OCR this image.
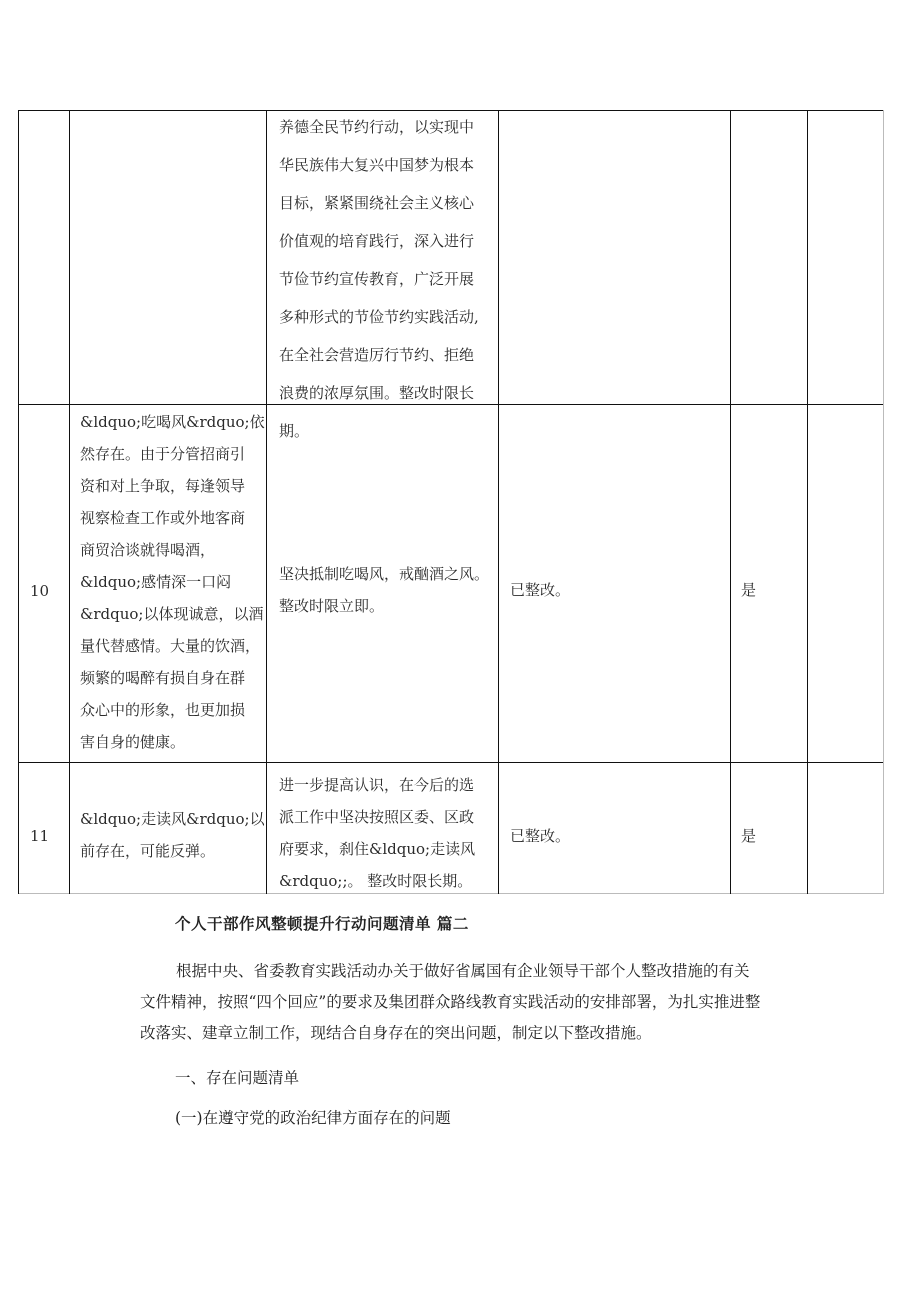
养德全民节约行动，以实现中
华民族伟大复兴中国梦为根本
目标，紧紧围绕社会主义核心
价值观的培育践行，深入进行
节俭节约宣传教育，广泛开展
多种形式的节俭节约实践活动,
在全社会营造厉行节约、拒绝
浪费的浓厚氛围。整改时限长
期。
10
&ldquo;吃喝风&rdquo;依
然存在。由于分管招商引
资和对上争取，每逢领导
视察检查工作或外地客商
商贸洽谈就得喝酒，
&ldquo;感情深一口闷
&rdquo;以体现诚意，以酒
量代替感情。大量的饮酒，
频繁的喝醉有损自身在群
众心中的形象，也更加损
害自身的健康。
坚决抵制吃喝风，戒酗酒之风。
整改时限立即。
已整改。	是
11
&ldquo;走读风&rdquo;以
前存在，可能反弹。
进一步提高认识，在今后的选
派工作中坚决按照区委、区政
府要求，刹住&ldquo;走读风
&rdquo;;。 整改时限长期。
已整改。	是
个人干部作风整顿提升行动问题清单 篇二
根据中央、省委教育实践活动办关于做好省属国有企业领导干部个人整改措施的有关
文件精神，按照“四个回应”的要求及集团群众路线教育实践活动的安排部署，为扎实推进整
改落实、建章立制工作，现结合自身存在的突出问题，制定以下整改措施。
一、存在问题清单
(一)在遵守党的政治纪律方面存在的问题
